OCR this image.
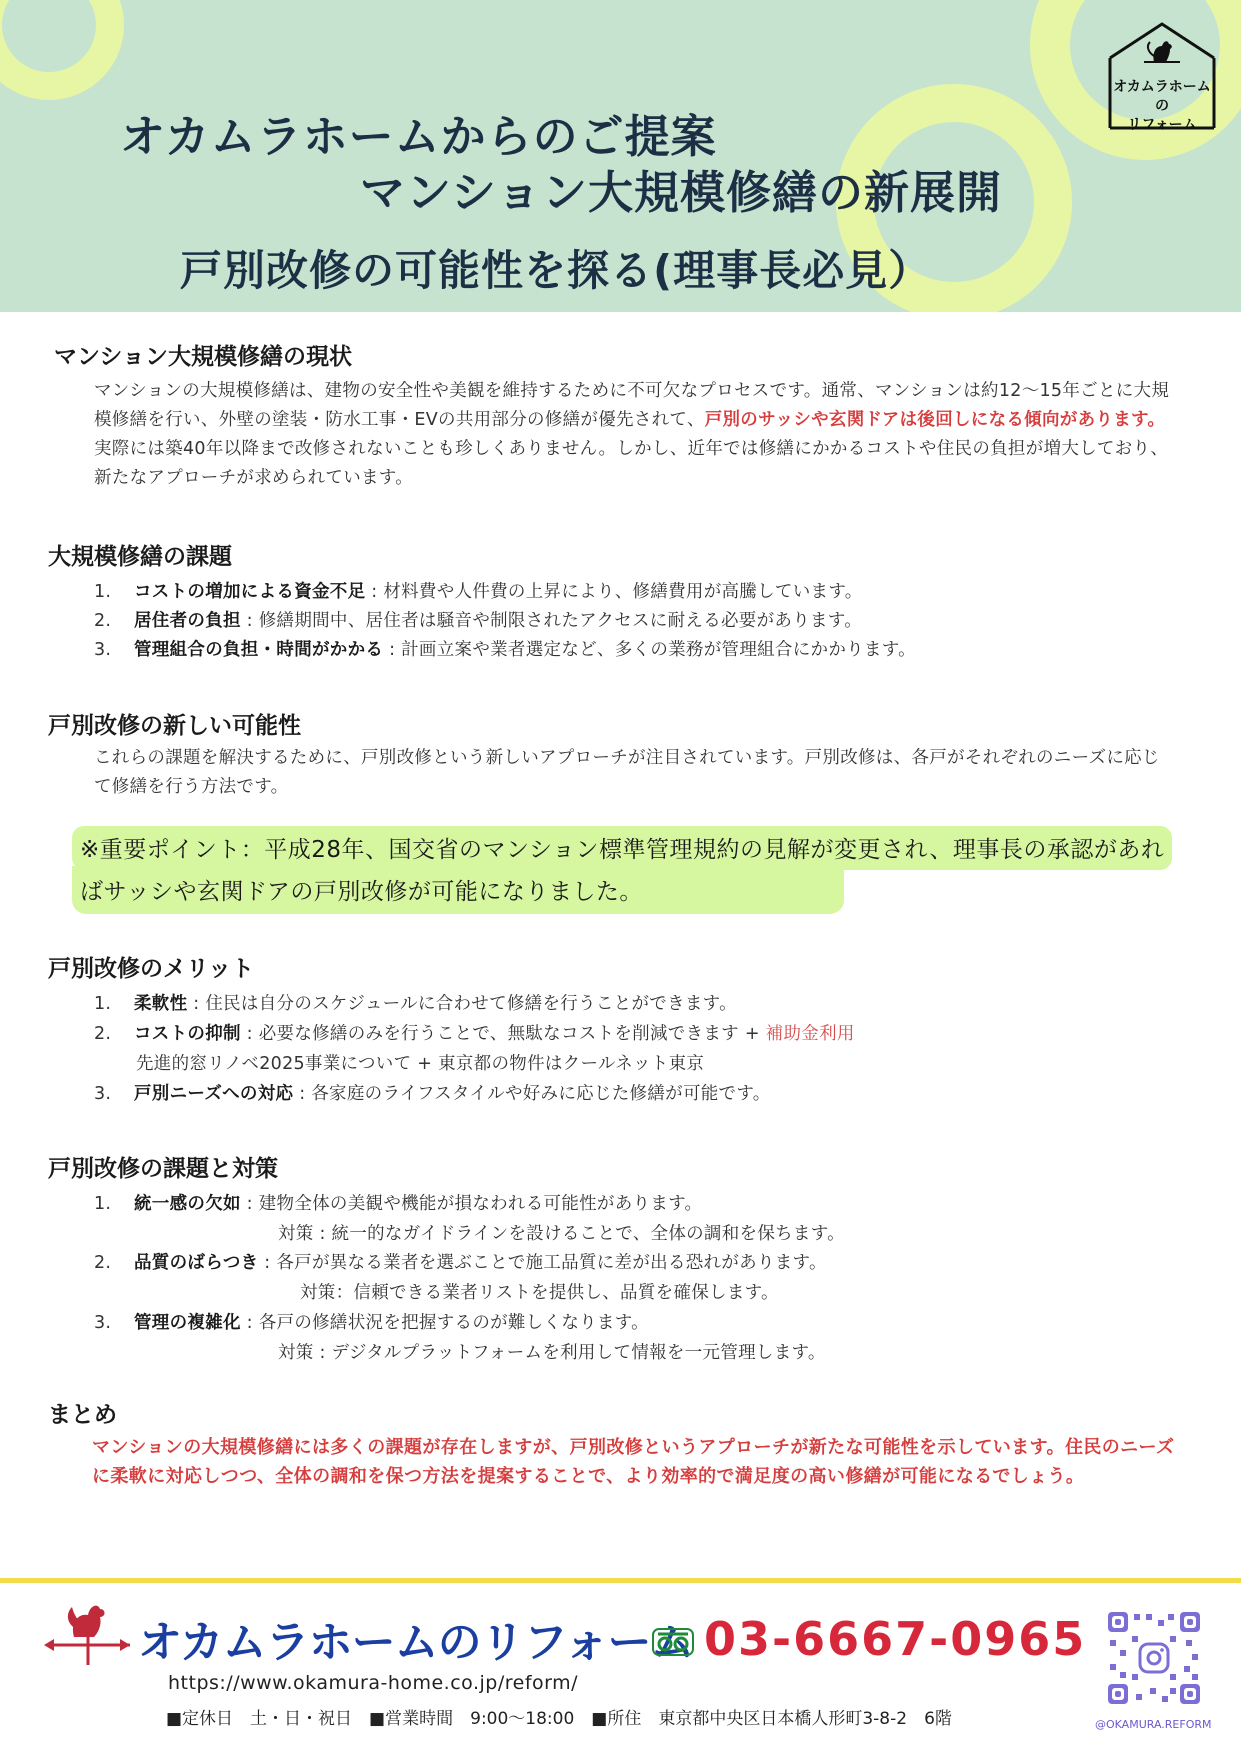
オカムラホームからのご提案
マンション大規模修繕の新展開
戸別改修の可能性を探る(理事長必見）
オカムラホームの
リフォーム
マンション大規模修繕の現状
マンションの大規模修繕は、建物の安全性や美観を維持するために不可欠なプロセスです。通常、マンションは約12〜15年ごとに大規模修繕を行い、外壁の塗装・防水工事・EVの共用部分の修繕が優先されて、戸別のサッシや玄関ドアは後回しになる傾向があります。実際には築40年以降まで改修されないことも珍しくありません。しかし、近年では修繕にかかるコストや住民の負担が増大しており、新たなアプローチが求められています。
大規模修繕の課題
1. コストの増加による資金不足 : 材料費や人件費の上昇により、修繕費用が高騰しています。
2. 居住者の負担 : 修繕期間中、居住者は騒音や制限されたアクセスに耐える必要があります。
3. 管理組合の負担・時間がかかる : 計画立案や業者選定など、多くの業務が管理組合にかかります。
戸別改修の新しい可能性
これらの課題を解決するために、戸別改修という新しいアプローチが注目されています。戸別改修は、各戸がそれぞれのニーズに応じて修繕を行う方法です。
※重要ポイント：平成28年、国交省のマンション標準管理規約の見解が変更され、理事長の承認があればサッシや玄関ドアの戸別改修が可能になりました。
戸別改修のメリット
1. 柔軟性 : 住民は自分のスケジュールに合わせて修繕を行うことができます。
2. コストの抑制 : 必要な修繕のみを行うことで、無駄なコストを削減できます + 補助金利用
先進的窓リノベ2025事業について + 東京都の物件はクールネット東京
3. 戸別ニーズへの対応 : 各家庭のライフスタイルや好みに応じた修繕が可能です。
戸別改修の課題と対策
1. 統一感の欠如 : 建物全体の美観や機能が損なわれる可能性があります。
対策 : 統一的なガイドラインを設けることで、全体の調和を保ちます。
2. 品質のばらつき : 各戸が異なる業者を選ぶことで施工品質に差が出る恐れがあります。
対策：信頼できる業者リストを提供し、品質を確保します。
3. 管理の複雑化 : 各戸の修繕状況を把握するのが難しくなります。
対策 : デジタルプラットフォームを利用して情報を一元管理します。
まとめ
マンションの大規模修繕には多くの課題が存在しますが、戸別改修というアプローチが新たな可能性を示しています。住民のニーズに柔軟に対応しつつ、全体の調和を保つ方法を提案することで、より効率的で満足度の高い修繕が可能になるでしょう。
オカムラホームのリフォーム 03-6667-0965
https://www.okamura-home.co.jp/reform/
■定休日　土・日・祝日　■営業時間　9:00〜18:00　■所住　東京都中央区日本橋人形町3-8-2　6階	@OKAMURA.REFORM
